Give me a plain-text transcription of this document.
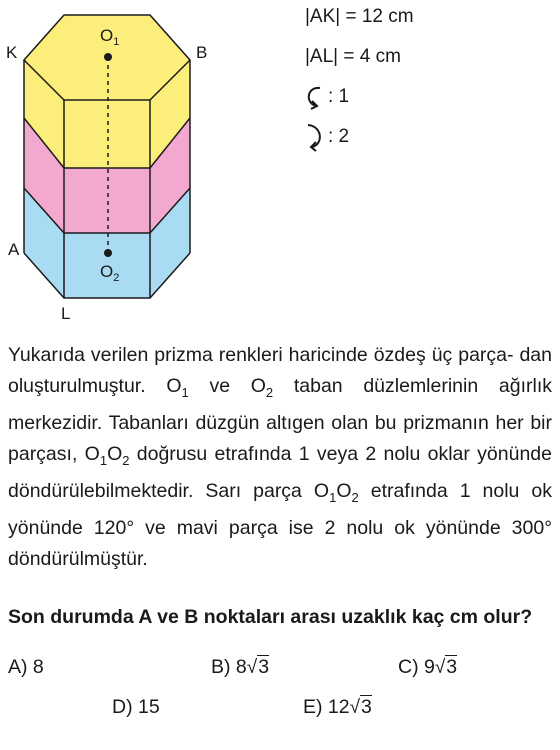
$O_1$
$O_2$
K	B
A
L
|AK| = 12 cm
|AL| = 4 cm
: 1
: 2
Yukarıda verilen prizma renkleri haricinde özdeş üç parça- dan oluşturulmuştur. $O_1$ ve $O_2$ taban düzlemlerinin ağırlık merkezidir. Tabanları düzgün altıgen olan bu prizmanın her bir parçası, $O_1O_2$ doğrusu etrafında 1 veya 2 nolu oklar yönünde döndürülebilmektedir. Sarı parça $O_1O_2$ etrafında 1 nolu ok yönünde 120° ve mavi parça ise 2 nolu ok yönünde 300° döndürülmüştür.
Son durumda A ve B noktaları arası uzaklık kaç cm olur?
A) 8	B) 8√3	C) 9√3
D) 15	E) 12√3
